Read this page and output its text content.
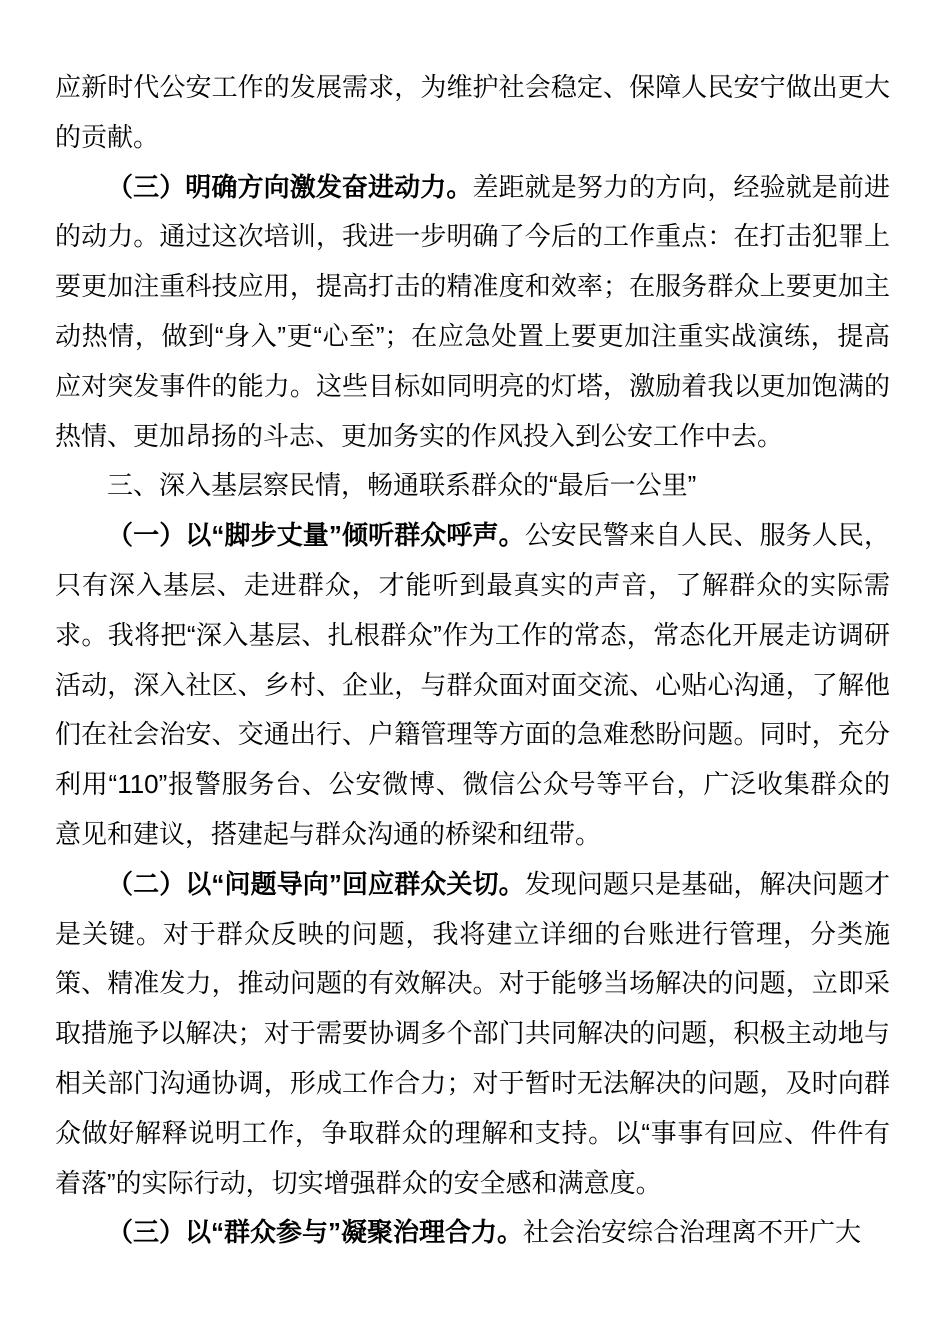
应新时代公安工作的发展需求，为维护社会稳定、保障人民安宁做出更大的贡献。

（三）明确方向激发奋进动力。差距就是努力的方向，经验就是前进的动力。通过这次培训，我进一步明确了今后的工作重点：在打击犯罪上要更加注重科技应用，提高打击的精准度和效率；在服务群众上要更加主动热情，做到“身入”更“心至”；在应急处置上要更加注重实战演练，提高应对突发事件的能力。这些目标如同明亮的灯塔，激励着我以更加饱满的热情、更加昂扬的斗志、更加务实的作风投入到公安工作中去。

三、深入基层察民情，畅通联系群众的“最后一公里”

（一）以“脚步丈量”倾听群众呼声。公安民警来自人民、服务人民，只有深入基层、走进群众，才能听到最真实的声音，了解群众的实际需求。我将把“深入基层、扎根群众”作为工作的常态，常态化开展走访调研活动，深入社区、乡村、企业，与群众面对面交流、心贴心沟通，了解他们在社会治安、交通出行、户籍管理等方面的急难愁盼问题。同时，充分利用“110”报警服务台、公安微博、微信公众号等平台，广泛收集群众的意见和建议，搭建起与群众沟通的桥梁和纽带。

（二）以“问题导向”回应群众关切。发现问题只是基础，解决问题才是关键。对于群众反映的问题，我将建立详细的台账进行管理，分类施策、精准发力，推动问题的有效解决。对于能够当场解决的问题，立即采取措施予以解决；对于需要协调多个部门共同解决的问题，积极主动地与相关部门沟通协调，形成工作合力；对于暂时无法解决的问题，及时向群众做好解释说明工作，争取群众的理解和支持。以“事事有回应、件件有着落”的实际行动，切实增强群众的安全感和满意度。

（三）以“群众参与”凝聚治理合力。社会治安综合治理离不开广大
